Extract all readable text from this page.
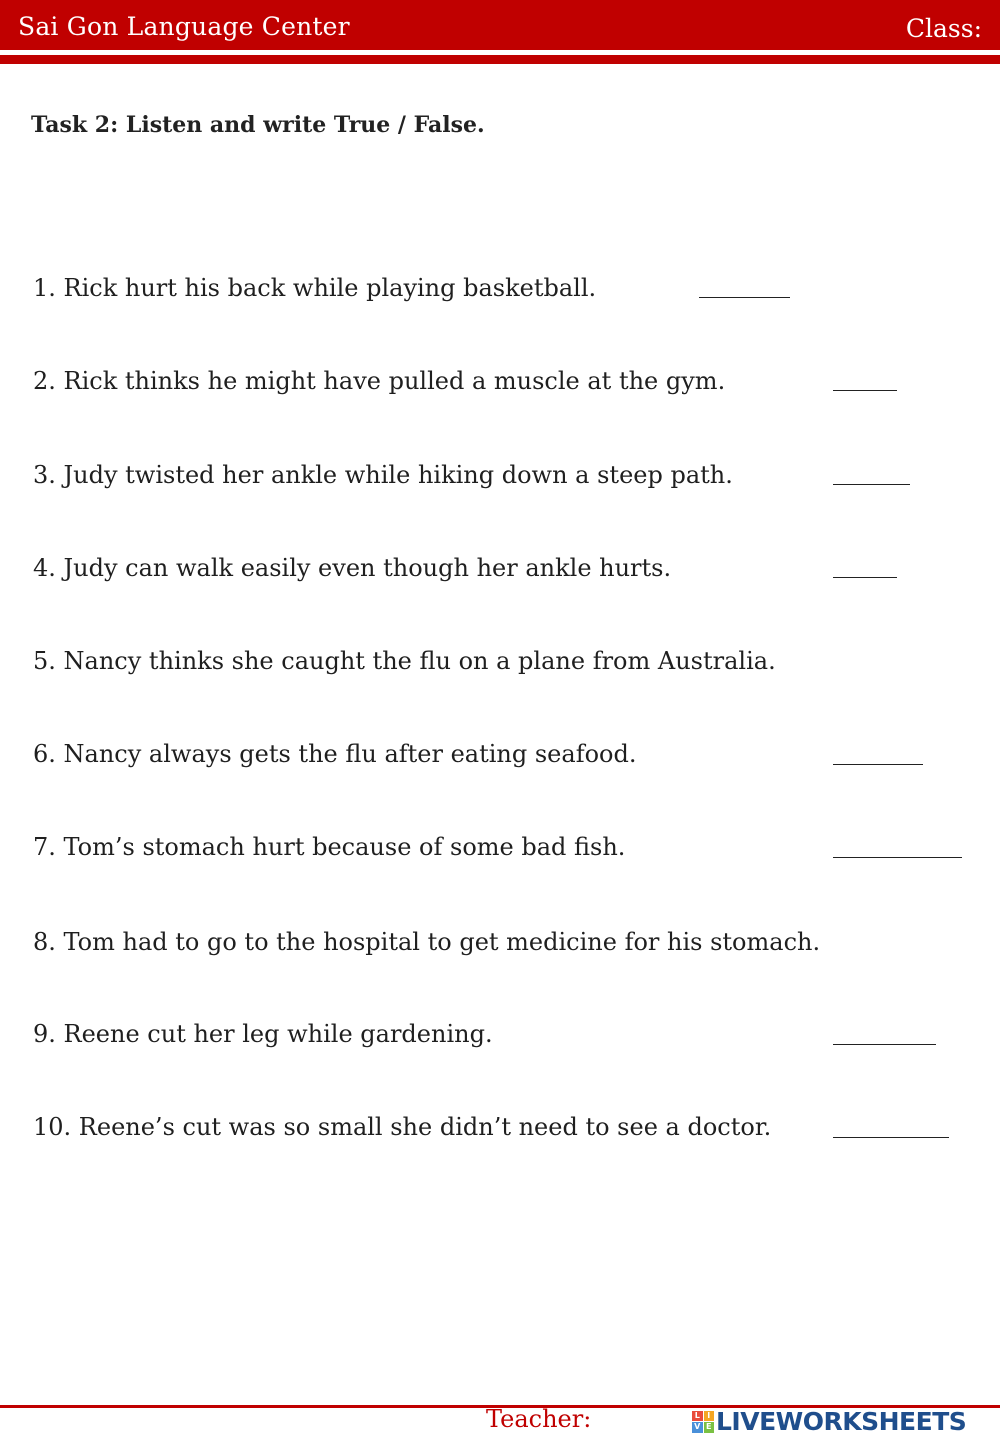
Sai Gon Language Center	Class:
Task 2: Listen and write True / False.
1. Rick hurt his back while playing basketball.
2. Rick thinks he might have pulled a muscle at the gym.
3. Judy twisted her ankle while hiking down a steep path.
4. Judy can walk easily even though her ankle hurts.
5. Nancy thinks she caught the flu on a plane from Australia.
6. Nancy always gets the flu after eating seafood.
7. Tom’s stomach hurt because of some bad fish.
8. Tom had to go to the hospital to get medicine for his stomach.
9. Reene cut her leg while gardening.
10. Reene’s cut was so small she didn’t need to see a doctor.
Teacher:	L I
V E LIVEWORKSHEETS
